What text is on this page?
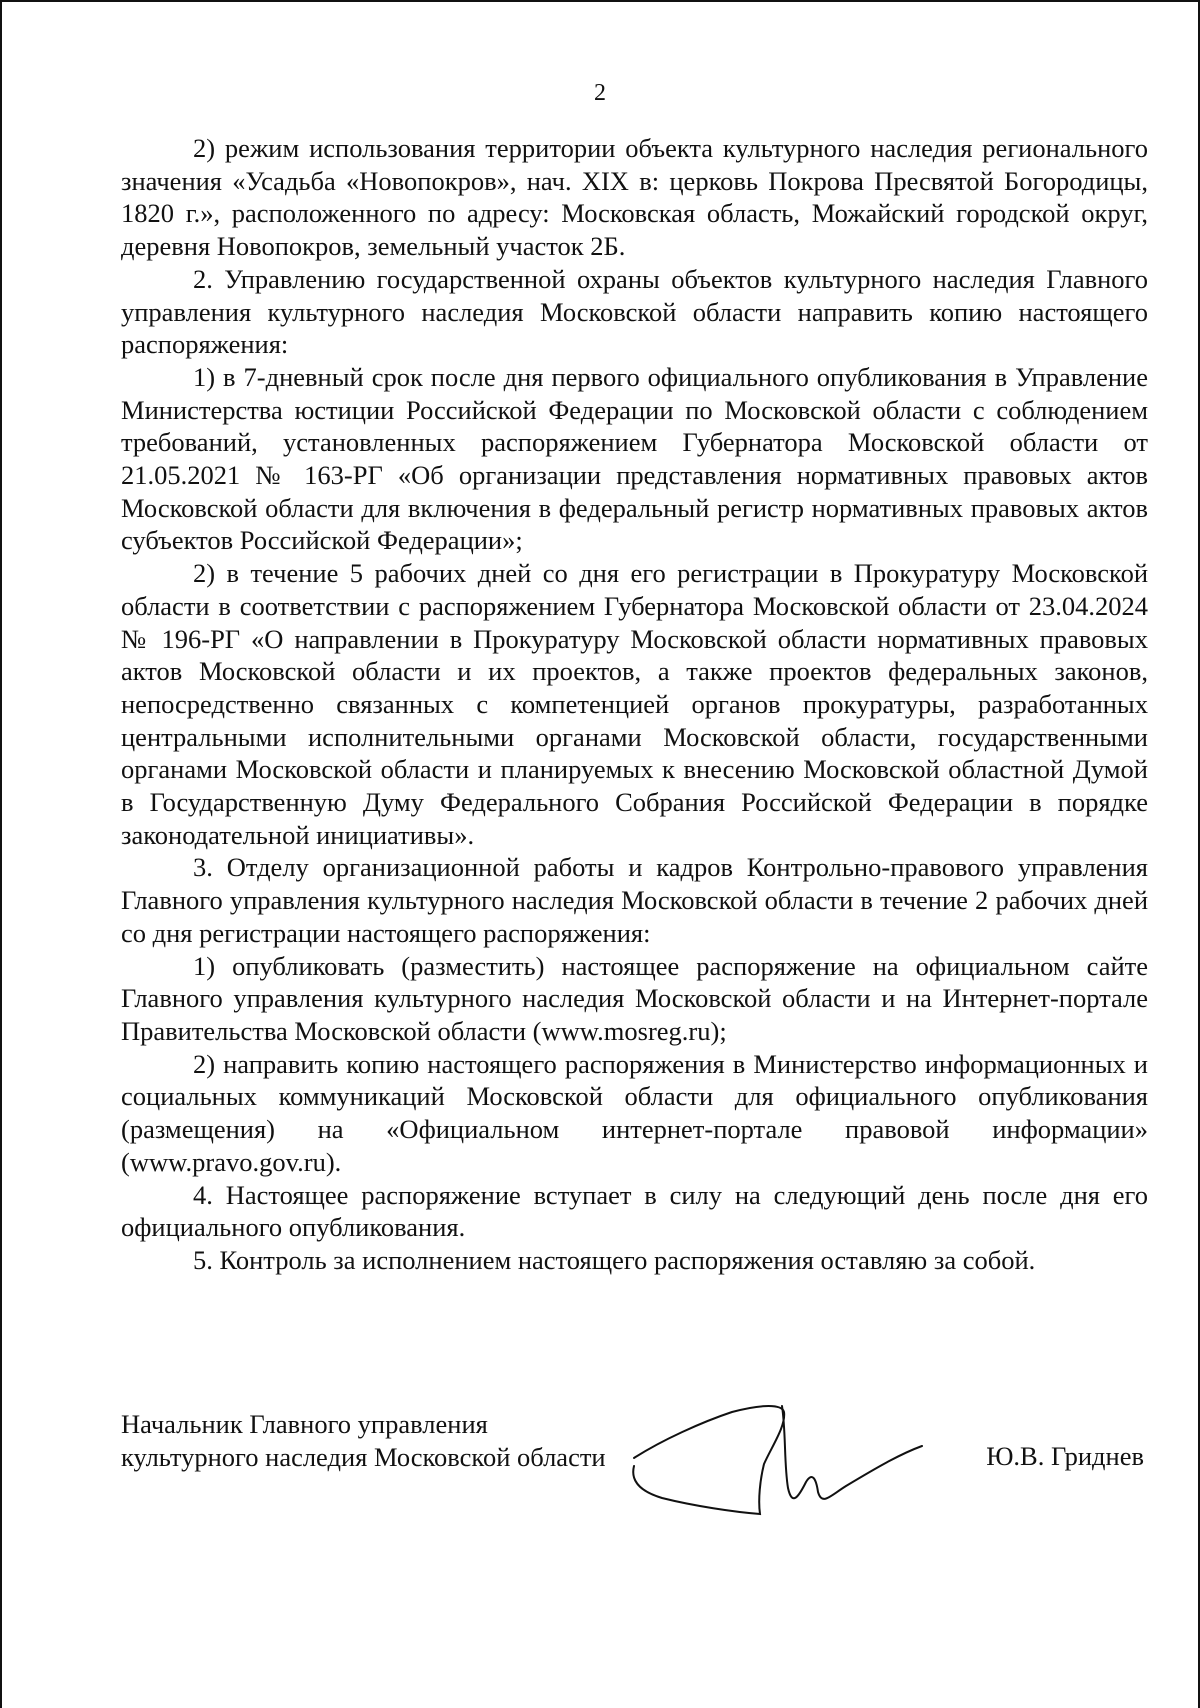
2

2) режим использования территории объекта культурного наследия регионального значения «Усадьба «Новопокров», нач. XIX в: церковь Покрова Пресвятой Богородицы, 1820 г.», расположенного по адресу: Московская область, Можайский городской округ, деревня Новопокров, земельный участок 2Б.

2. Управлению государственной охраны объектов культурного наследия Главного управления культурного наследия Московской области направить копию настоящего распоряжения:

1) в 7-дневный срок после дня первого официального опубликования в Управление Министерства юстиции Российской Федерации по Московской области с соблюдением требований, установленных распоряжением Губернатора Московской области от 21.05.2021 № 163-РГ «Об организации представления нормативных правовых актов Московской области для включения в федеральный регистр нормативных правовых актов субъектов Российской Федерации»;

2) в течение 5 рабочих дней со дня его регистрации в Прокуратуру Московской области в соответствии с распоряжением Губернатора Московской области от 23.04.2024 № 196-РГ «О направлении в Прокуратуру Московской области нормативных правовых актов Московской области и их проектов, а также проектов федеральных законов, непосредственно связанных с компетенцией органов прокуратуры, разработанных центральными исполнительными органами Московской области, государственными органами Московской области и планируемых к внесению Московской областной Думой в Государственную Думу Федерального Собрания Российской Федерации в порядке законодательной инициативы».

3. Отделу организационной работы и кадров Контрольно-правового управления Главного управления культурного наследия Московской области в течение 2 рабочих дней со дня регистрации настоящего распоряжения:

1) опубликовать (разместить) настоящее распоряжение на официальном сайте Главного управления культурного наследия Московской области и на Интернет-портале Правительства Московской области (www.mosreg.ru);

2) направить копию настоящего распоряжения в Министерство информационных и социальных коммуникаций Московской области для официального опубликования (размещения) на «Официальном интернет-портале правовой информации» (www.pravo.gov.ru).

4. Настоящее распоряжение вступает в силу на следующий день после дня его официального опубликования.

5. Контроль за исполнением настоящего распоряжения оставляю за собой.

Начальник Главного управления
культурного наследия Московской области	Ю.В. Гриднев
